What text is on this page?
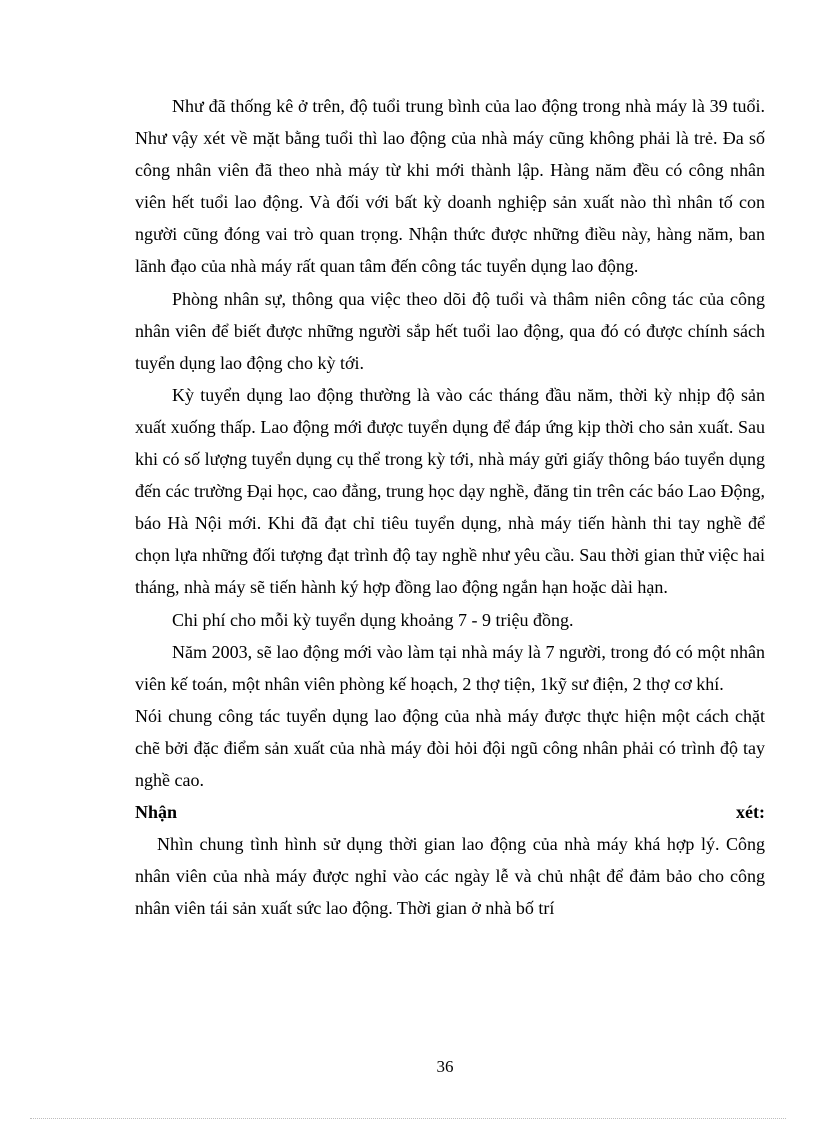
Như đã thống kê ở trên, độ tuổi trung bình của lao động trong nhà máy là 39 tuổi. Như vậy xét về mặt bằng tuổi thì lao động của nhà máy cũng không phải là trẻ. Đa số công nhân viên đã theo nhà máy từ khi mới thành lập. Hàng năm đều có công nhân viên hết tuổi lao động. Và đối với bất kỳ doanh nghiệp sản xuất nào thì nhân tố con người cũng đóng vai trò quan trọng. Nhận thức được những điều này, hàng năm, ban lãnh đạo của nhà máy rất quan tâm đến công tác tuyển dụng lao động.

Phòng nhân sự, thông qua việc theo dõi độ tuổi và thâm niên công tác của công nhân viên để biết được những người sắp hết tuổi lao động, qua đó có được chính sách tuyển dụng lao động cho kỳ tới.

Kỳ tuyển dụng lao động thường là vào các tháng đầu năm, thời kỳ nhịp độ sản xuất xuống thấp. Lao động mới được tuyển dụng để đáp ứng kịp thời cho sản xuất. Sau khi có số lượng tuyển dụng cụ thể trong kỳ tới, nhà máy gửi giấy thông báo tuyển dụng đến các trường Đại học, cao đẳng, trung học dạy nghề, đăng tin trên các báo Lao Động, báo Hà Nội mới. Khi đã đạt chỉ tiêu tuyển dụng, nhà máy tiến hành thi tay nghề để chọn lựa những đối tượng đạt trình độ tay nghề như yêu cầu. Sau thời gian thử việc hai tháng, nhà máy sẽ tiến hành ký hợp đồng lao động ngắn hạn hoặc dài hạn.

Chi phí cho mỗi kỳ tuyển dụng khoảng 7 - 9 triệu đồng.

Năm 2003, sẽ lao động mới vào làm tại nhà máy là 7 người, trong đó có một nhân viên kế toán, một nhân viên phòng kế hoạch, 2 thợ tiện, 1kỹ sư điện, 2 thợ cơ khí.

Nói chung công tác tuyển dụng lao động của nhà máy được thực hiện một cách chặt chẽ bởi đặc điểm sản xuất của nhà máy đòi hỏi đội ngũ công nhân phải có trình độ tay nghề cao.

Nhận	xét:

Nhìn chung tình hình sử dụng thời gian lao động của nhà máy khá hợp lý. Công nhân viên của nhà máy được nghỉ vào các ngày lễ và chủ nhật để đảm bảo cho công nhân viên tái sản xuất sức lao động. Thời gian ở nhà bố trí

36
